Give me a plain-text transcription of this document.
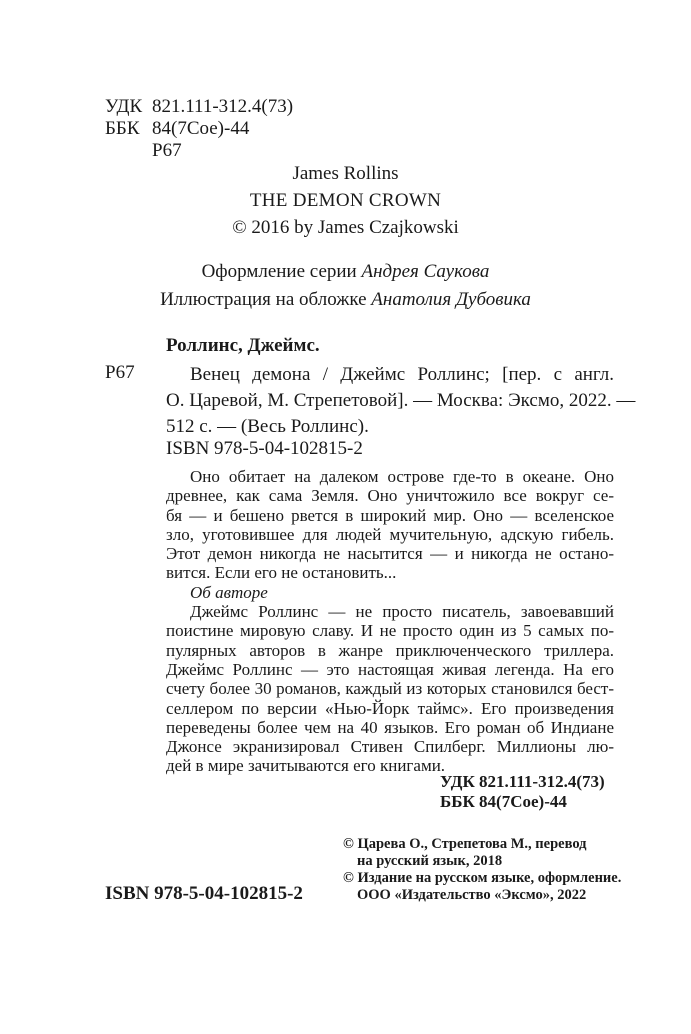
УДК 821.111-312.4(73)
ББК 84(7Сое)-44
Р67
James Rollins
THE DEMON CROWN
© 2016 by James Czajkowski
Оформление серии Андрея Саукова
Иллюстрация на обложке Анатолия Дубовика
Роллинс, Джеймс.
Р67	Венец демона / Джеймс Роллинс; [пер. с англ.
О. Царевой, М. Стрепетовой]. — Москва: Эксмо, 2022. —
512 с. — (Весь Роллинс).
ISBN 978-5-04-102815-2
Оно обитает на далеком острове где-то в океане. Оно
древнее, как сама Земля. Оно уничтожило все вокруг се-
бя — и бешено рвется в широкий мир. Оно — вселенское
зло, уготовившее для людей мучительную, адскую гибель.
Этот демон никогда не насытится — и никогда не остано-
вится. Если его не остановить...
Об авторе
Джеймс Роллинс — не просто писатель, завоевавший
поистине мировую славу. И не просто один из 5 самых по-
пулярных авторов в жанре приключенческого триллера.
Джеймс Роллинс — это настоящая живая легенда. На его
счету более 30 романов, каждый из которых становился бест-
селлером по версии «Нью-Йорк таймс». Его произведения
переведены более чем на 40 языков. Его роман об Индиане
Джонсе экранизировал Стивен Спилберг. Миллионы лю-
дей в мире зачитываются его книгами.
УДК 821.111-312.4(73)
ББК 84(7Сое)-44
ISBN 978-5-04-102815-2
© Царева О., Стрепетова М., перевод
на русский язык, 2018
© Издание на русском языке, оформление.
ООО «Издательство «Эксмо», 2022
